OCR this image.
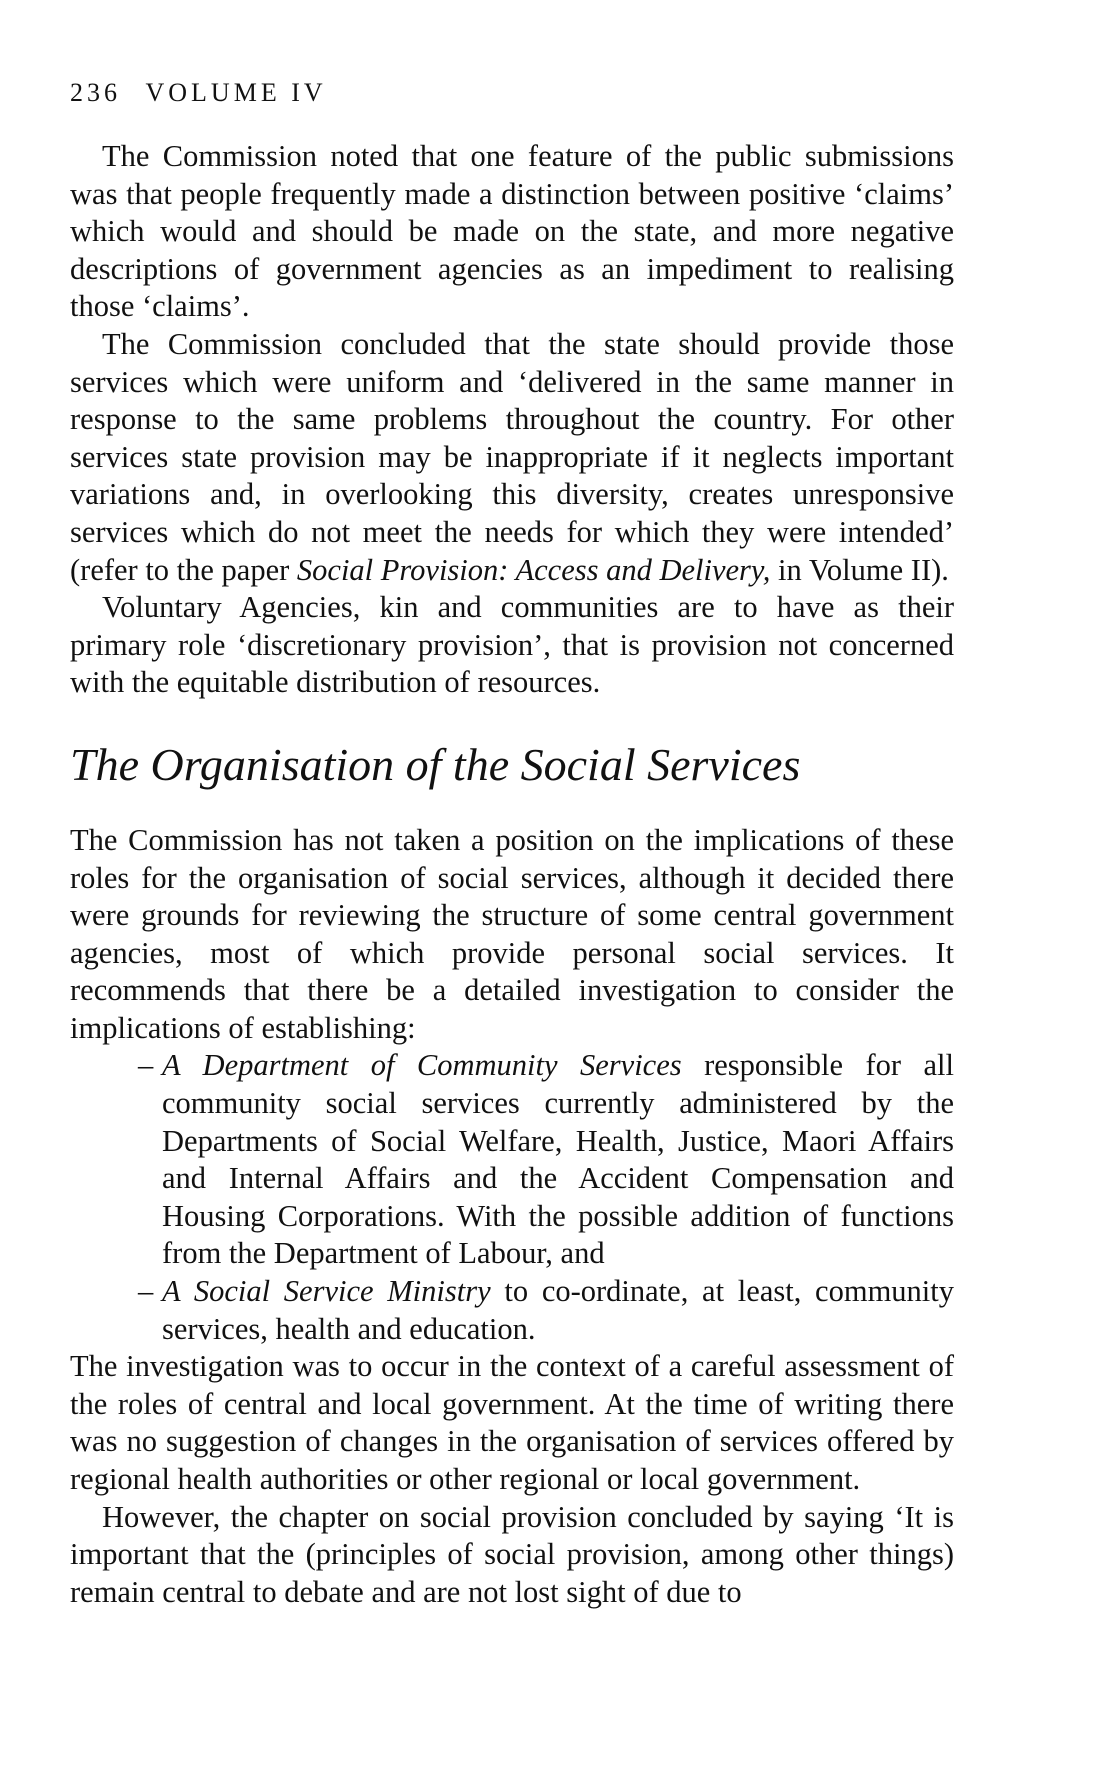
236 VOLUME IV

The Commission noted that one feature of the public submissions was that people frequently made a distinction between positive ‘claims’ which would and should be made on the state, and more negative descriptions of government agencies as an impediment to realising those ‘claims’.

The Commission concluded that the state should provide those services which were uniform and ‘delivered in the same manner in response to the same problems throughout the country. For other services state provision may be inappropriate if it neglects important variations and, in overlooking this diversity, creates unresponsive services which do not meet the needs for which they were intended’ (refer to the paper Social Provision: Access and Delivery, in Volume II).

Voluntary Agencies, kin and communities are to have as their primary role ‘discretionary provision’, that is provision not concerned with the equitable distribution of resources.

The Organisation of the Social Services

The Commission has not taken a position on the implications of these roles for the organisation of social services, although it decided there were grounds for reviewing the structure of some central government agencies, most of which provide personal social services. It recommends that there be a detailed investigation to consider the implications of establishing:

– A Department of Community Services responsible for all community social services currently administered by the Departments of Social Welfare, Health, Justice, Maori Affairs and Internal Affairs and the Accident Compensation and Housing Corporations. With the possible addition of functions from the Department of Labour, and
– A Social Service Ministry to co-ordinate, at least, community services, health and education.

The investigation was to occur in the context of a careful assessment of the roles of central and local government. At the time of writing there was no suggestion of changes in the organisation of services offered by regional health authorities or other regional or local government.

However, the chapter on social provision concluded by saying ‘It is important that the (principles of social provision, among other things) remain central to debate and are not lost sight of due to
